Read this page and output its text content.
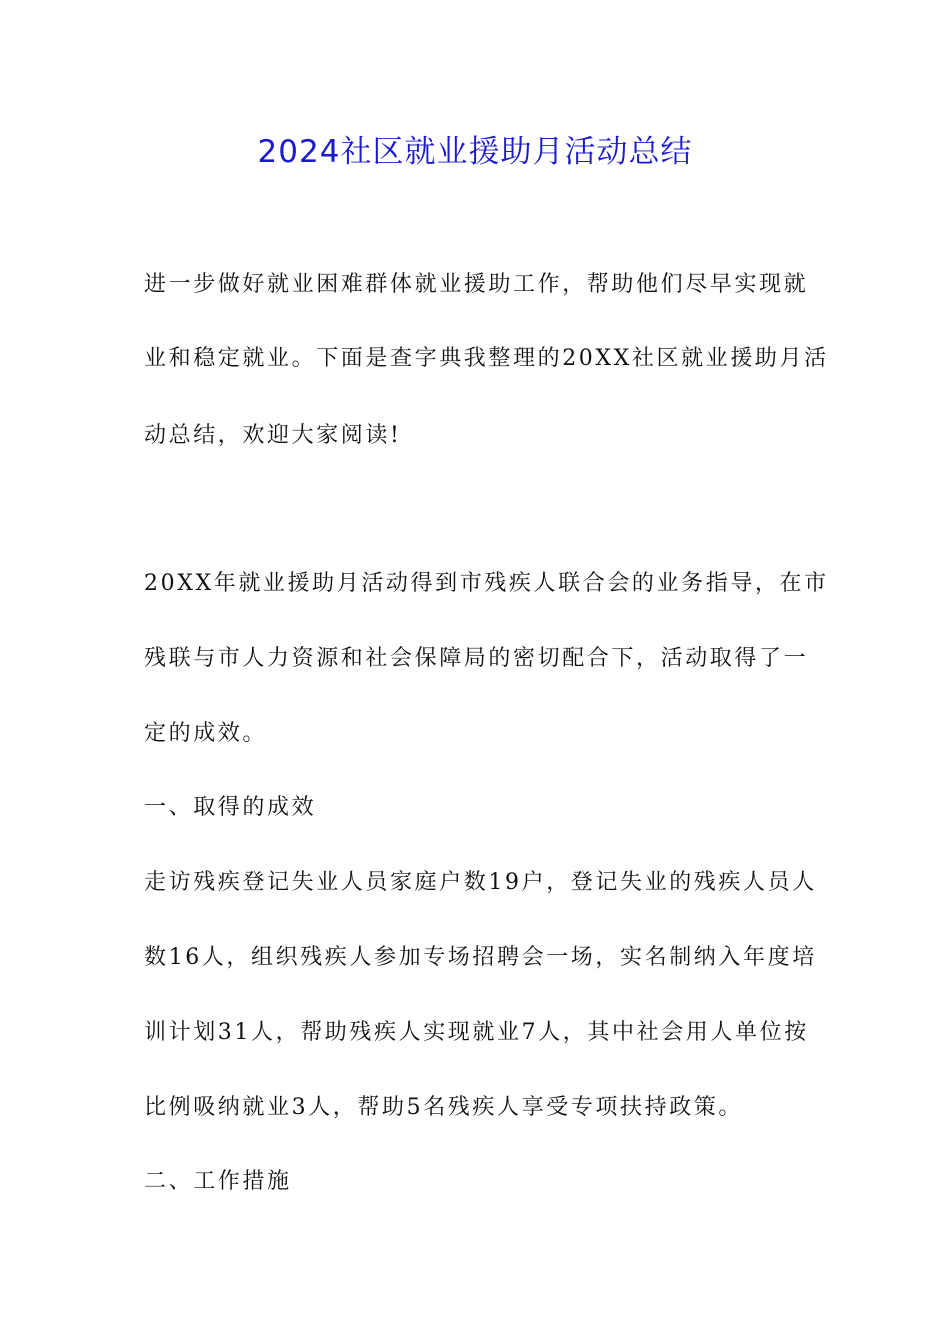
2024社区就业援助月活动总结
进一步做好就业困难群体就业援助工作，帮助他们尽早实现就
业和稳定就业。下面是查字典我整理的20XX社区就业援助月活
动总结，欢迎大家阅读!
20XX年就业援助月活动得到市残疾人联合会的业务指导，在市
残联与市人力资源和社会保障局的密切配合下，活动取得了一
定的成效。
一、取得的成效
走访残疾登记失业人员家庭户数19户，登记失业的残疾人员人
数16人，组织残疾人参加专场招聘会一场，实名制纳入年度培
训计划31人，帮助残疾人实现就业7人，其中社会用人单位按
比例吸纳就业3人，帮助5名残疾人享受专项扶持政策。
二、工作措施
